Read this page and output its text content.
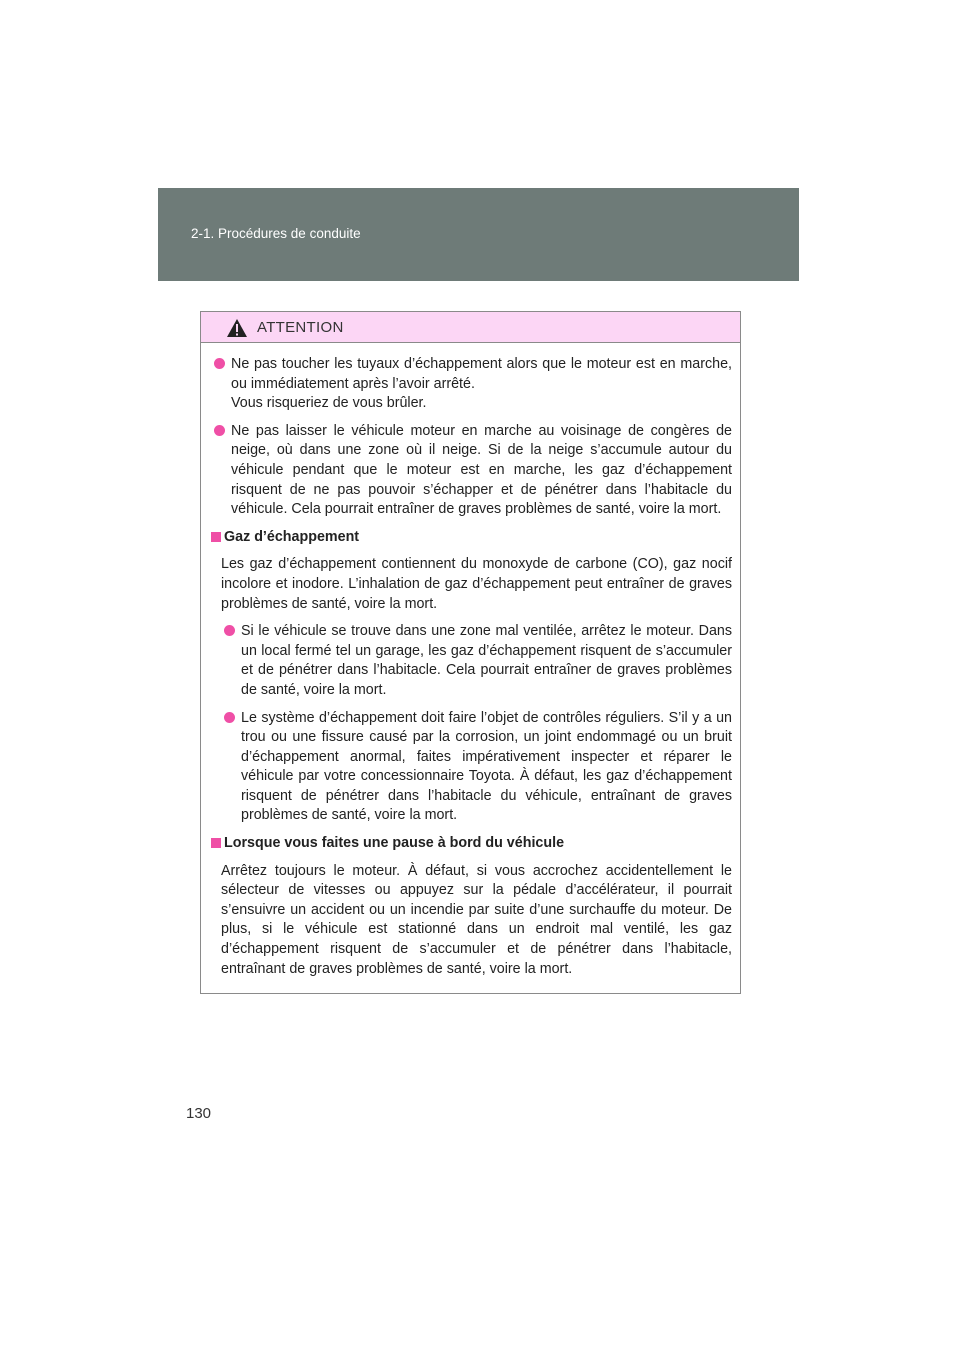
2-1. Procédures de conduite
ATTENTION
Ne pas toucher les tuyaux d’échappement alors que le moteur est en marche, ou immédiatement après l’avoir arrêté.
Vous risqueriez de vous brûler.
Ne pas laisser le véhicule moteur en marche au voisinage de congères de neige, où dans une zone où il neige. Si de la neige s’accumule autour du véhicule pendant que le moteur est en marche, les gaz d’échappement risquent de ne pas pouvoir s’échapper et de pénétrer dans l’habitacle du véhicule. Cela pourrait entraîner de graves problèmes de santé, voire la mort.
Gaz d’échappement
Les gaz d’échappement contiennent du monoxyde de carbone (CO), gaz nocif incolore et inodore. L’inhalation de gaz d’échappement peut entraîner de graves problèmes de santé, voire la mort.
Si le véhicule se trouve dans une zone mal ventilée, arrêtez le moteur. Dans un local fermé tel un garage, les gaz d’échappement risquent de s’accumuler et de pénétrer dans l’habitacle. Cela pourrait entraîner de graves problèmes de santé, voire la mort.
Le système d’échappement doit faire l’objet de contrôles réguliers. S’il y a un trou ou une fissure causé par la corrosion, un joint endommagé ou un bruit d’échappement anormal, faites impérativement inspecter et réparer le véhicule par votre concessionnaire Toyota. À défaut, les gaz d’échappement risquent de pénétrer dans l’habitacle du véhicule, entraînant de graves problèmes de santé, voire la mort.
Lorsque vous faites une pause à bord du véhicule
Arrêtez toujours le moteur. À défaut, si vous accrochez accidentellement le sélecteur de vitesses ou appuyez sur la pédale d’accélérateur, il pourrait s’ensuivre un accident ou un incendie par suite d’une surchauffe du moteur. De plus, si le véhicule est stationné dans un endroit mal ventilé, les gaz d’échappement risquent de s’accumuler et de pénétrer dans l’habitacle, entraînant de graves problèmes de santé, voire la mort.
130
